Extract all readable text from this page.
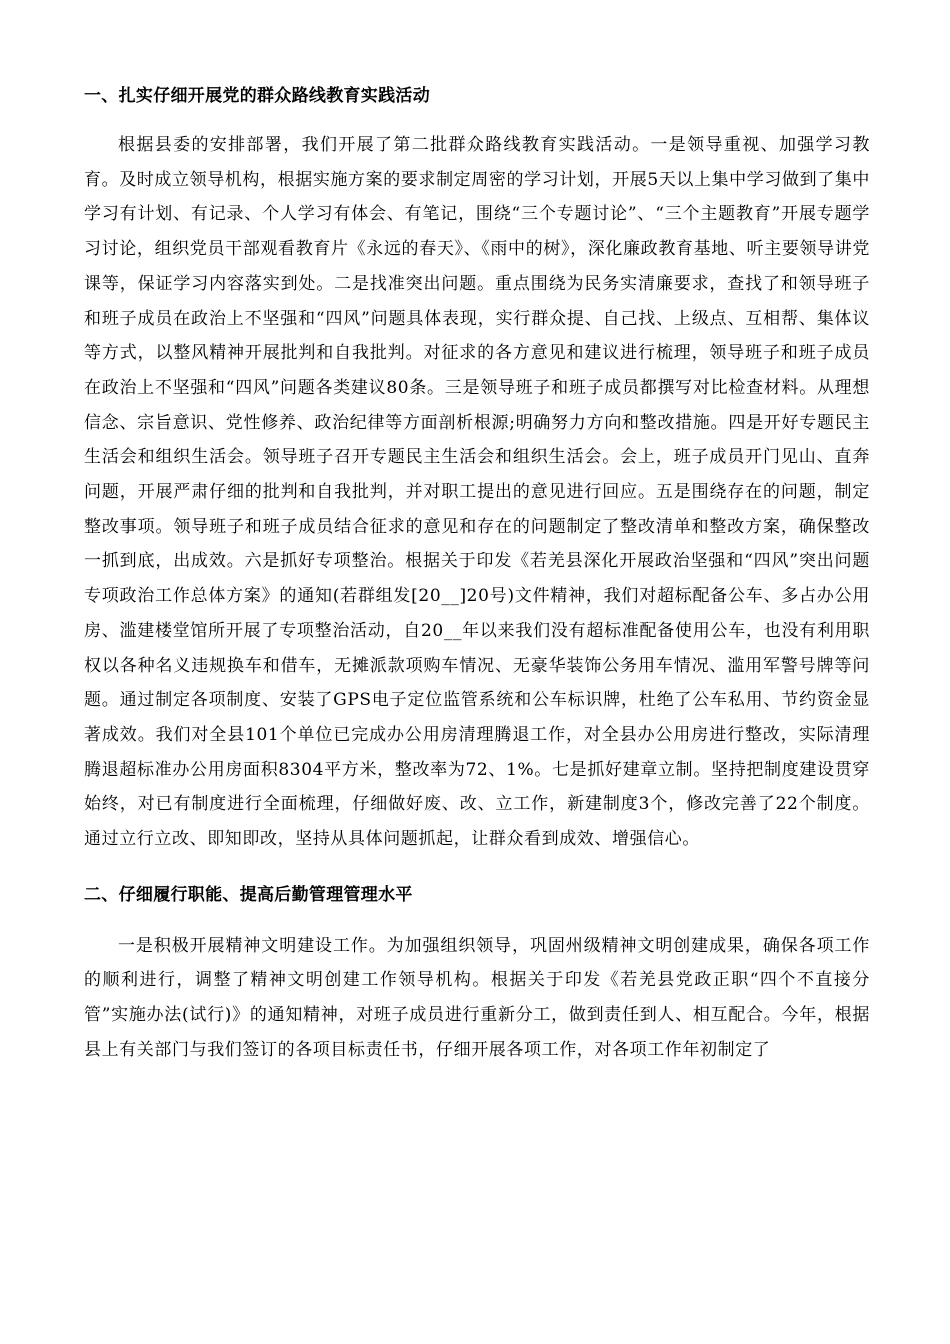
一、扎实仔细开展党的群众路线教育实践活动

根据县委的安排部署，我们开展了第二批群众路线教育实践活动。一是领导重视、加强学习教育。及时成立领导机构，根据实施方案的要求制定周密的学习计划，开展5天以上集中学习做到了集中学习有计划、有记录、个人学习有体会、有笔记，围绕“三个专题讨论”、“三个主题教育”开展专题学习讨论，组织党员干部观看教育片《永远的春天》、《雨中的树》，深化廉政教育基地、听主要领导讲党课等，保证学习内容落实到处。二是找准突出问题。重点围绕为民务实清廉要求，查找了和领导班子和班子成员在政治上不坚强和“四风”问题具体表现，实行群众提、自己找、上级点、互相帮、集体议等方式，以整风精神开展批判和自我批判。对征求的各方意见和建议进行梳理，领导班子和班子成员在政治上不坚强和“四风”问题各类建议80条。三是领导班子和班子成员都撰写对比检查材料。从理想信念、宗旨意识、党性修养、政治纪律等方面剖析根源;明确努力方向和整改措施。四是开好专题民主生活会和组织生活会。领导班子召开专题民主生活会和组织生活会。会上，班子成员开门见山、直奔问题，开展严肃仔细的批判和自我批判，并对职工提出的意见进行回应。五是围绕存在的问题，制定整改事项。领导班子和班子成员结合征求的意见和存在的问题制定了整改清单和整改方案，确保整改一抓到底，出成效。六是抓好专项整治。根据关于印发《若羌县深化开展政治坚强和“四风”突出问题专项政治工作总体方案》的通知(若群组发[20__]20号)文件精神，我们对超标配备公车、多占办公用房、滥建楼堂馆所开展了专项整治活动，自20__年以来我们没有超标准配备使用公车，也没有利用职权以各种名义违规换车和借车，无摊派款项购车情况、无豪华装饰公务用车情况、滥用军警号牌等问题。通过制定各项制度、安装了GPS电子定位监管系统和公车标识牌，杜绝了公车私用、节约资金显著成效。我们对全县101个单位已完成办公用房清理腾退工作，对全县办公用房进行整改，实际清理腾退超标准办公用房面积8304平方米，整改率为72、1%。七是抓好建章立制。坚持把制度建设贯穿始终，对已有制度进行全面梳理，仔细做好废、改、立工作，新建制度3个，修改完善了22个制度。通过立行立改、即知即改，坚持从具体问题抓起，让群众看到成效、增强信心。

二、仔细履行职能、提高后勤管理管理水平

一是积极开展精神文明建设工作。为加强组织领导，巩固州级精神文明创建成果，确保各项工作的顺利进行，调整了精神文明创建工作领导机构。根据关于印发《若羌县党政正职“四个不直接分管”实施办法(试行)》的通知精神，对班子成员进行重新分工，做到责任到人、相互配合。今年，根据县上有关部门与我们签订的各项目标责任书，仔细开展各项工作，对各项工作年初制定了
